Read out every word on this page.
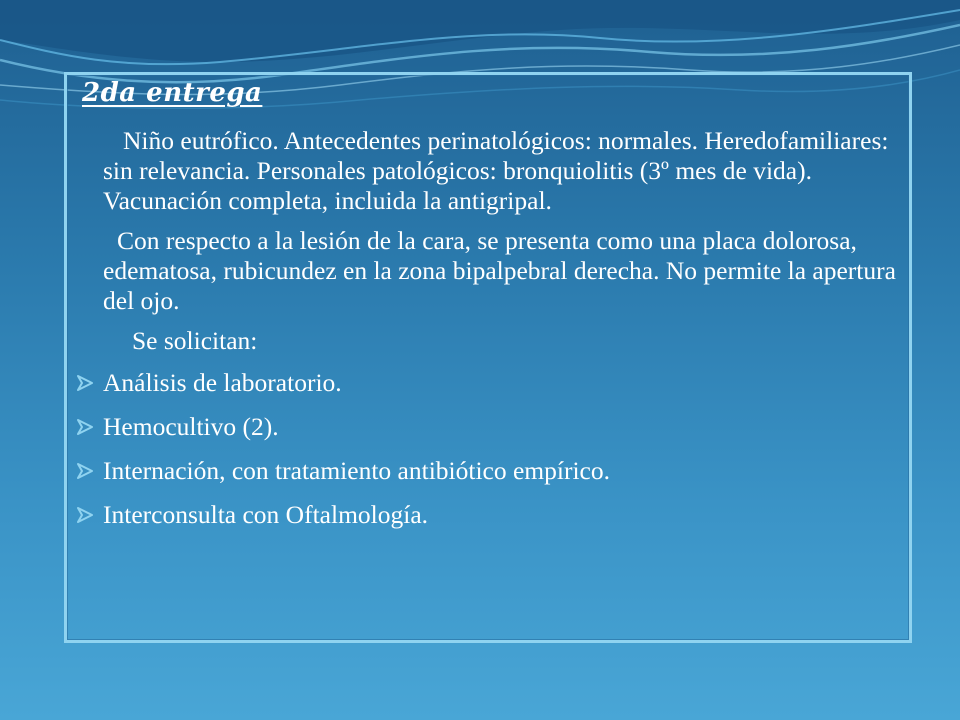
2da entrega

Niño eutrófico. Antecedentes perinatológicos: normales. Heredofamiliares: sin relevancia. Personales patológicos: bronquiolitis (3º mes de vida). Vacunación completa, incluida la antigripal.

Con respecto a la lesión de la cara, se presenta como una placa dolorosa, edematosa, rubicundez en la zona bipalpebral derecha. No permite la apertura del ojo.

Se solicitan:

Análisis de laboratorio.
Hemocultivo (2).
Internación, con tratamiento antibiótico empírico.
Interconsulta con Oftalmología.
